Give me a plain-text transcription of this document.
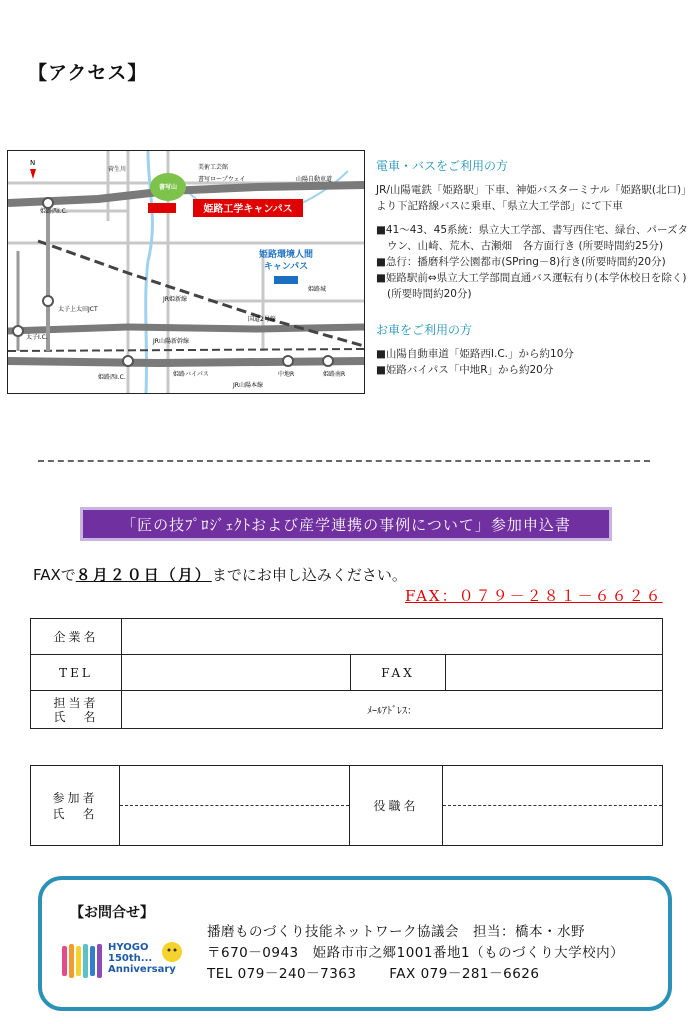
【アクセス】
書写山
姫路工学キャンパス
姫路環境人間
キャンパス
N
菅生川	美術工芸館
書写ロープウェイ	山陽自動車道
姫路西I.C.
太子上太田JCT
太子I.C.
国道2号線
JR山陽新幹線
姫路西I.C.	姫路バイパス
JR山陽本線
中地R	姫路南R
姫路城
JR姫新線

電車・バスをご利用の方

JR/山陽電鉄「姫路駅」下車、神姫バスターミナル「姫路駅(北口)」より下記路線バスに乗車、「県立大工学部」にて下車

■41～43、45系統：県立大工学部、書写西住宅、緑台、パーズタウン、山崎、荒木、古瀬畑　各方面行き (所要時間約25分)

■急行：播磨科学公園都市(SPring－8)行き(所要時間約20分)

■姫路駅前⇔県立大工学部間直通バス運転有り(本学休校日を除く)(所要時間約20分)

お車をご利用の方

■山陽自動車道「姫路西I.C.」から約10分

■姫路バイパス「中地R」から約20分

「匠の技ﾌﾟﾛｼﾞｪｸﾄおよび産学連携の事例について」参加申込書
FAXで８月２０日（月）までにお申し込みください。
FAX：０７９－２８１－６６２６
企業名			
TEL		FAX	
担当者
氏　名	ﾒｰﾙｱﾄﾞﾚｽ：		
参加者
氏　名	
	役職名	
【お問合せ】
HYOGO
150th...
Anniversary
播磨ものづくり技能ネットワーク協議会　担当：橋本・水野
〒670－0943　姫路市市之郷1001番地1（ものづくり大学校内）
TEL 079－240－7363　　 FAX 079－281－6626
